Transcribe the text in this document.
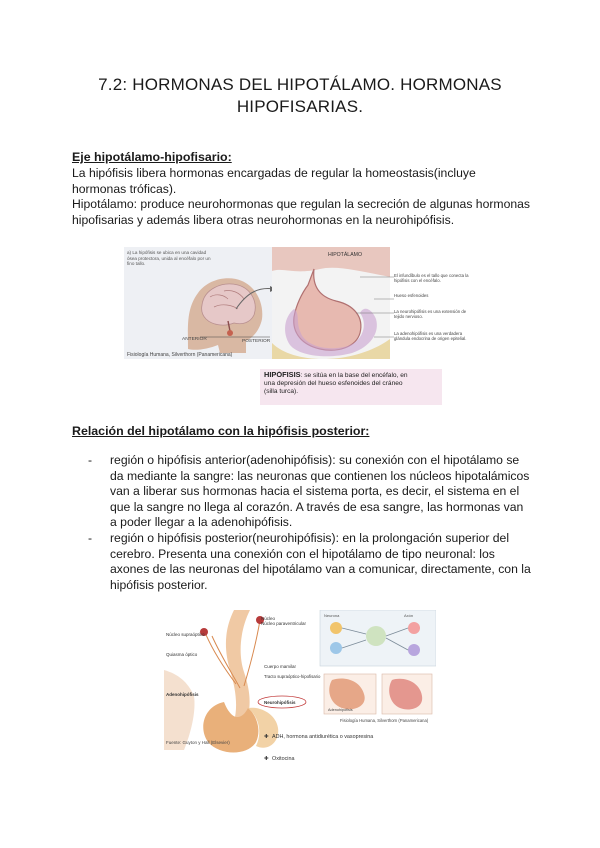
7.2: HORMONAS DEL HIPOTÁLAMO. HORMONAS
HIPOFISARIAS.
Eje hipotálamo-hipofisario:
La hipófisis libera hormonas encargadas de regular la homeostasis(incluye
hormonas tróficas).
Hipotálamo: produce neurohormonas que regulan la secreción de algunas hormonas
hipofisarias y además libera otras neurohormonas en la neurohipófisis.
a) La hipófisis se ubica en una cavidad ósea protectora, unida al encéfalo por un fino tallo.
ANTERIOR	POSTERIOR
Fisiología Humana, Silverthorn (Panamericana)
HIPOTÁLAMO
El infundíbulo es el tallo que conecta la hipófisis con el encéfalo.
Hueso esfenoides
La neurohipófisis es una extensión de tejido nervioso.
La adenohipófisis es una verdadera glándula endocrina de origen epitelial.
HIPÓFISIS: se sitúa en la base del encéfalo, en
una depresión del hueso esfenoides del cráneo
(silla turca).
Relación del hipotálamo con la hipófisis posterior:
- región o hipófisis anterior(adenohipófisis): su conexión con el hipotálamo se
da mediante la sangre: las neuronas que contienen los núcleos hipotalámicos
van a liberar sus hormonas hacia el sistema porta, es decir, el sistema en el
que la sangre no llega al corazón. A través de esa sangre, las hormonas van
a poder llegar a la adenohipófisis.
- región o hipófisis posterior(neurohipófisis): en la prolongación superior del
cerebro. Presenta una conexión con el hipotálamo de tipo neuronal: los
axones de las neuronas del hipotálamo van a comunicar, directamente, con la
hipófisis posterior.
Núcleo
Núcleo paraventricular
Núcleo supraóptico
Quiasma óptico
Cuerpo mamilar
Tracto supraóptico-hipofisario
Adenohipófisis
Neurohipófisis
Fuente: Guyton y Hall (Elsevier)
✚ ADH, hormona antidiurética o vasopresina
✚ Oxitocina
Neurona	Axón
Adenohipófisis
Fisiología Humana, Silverthorn (Panamericana)
